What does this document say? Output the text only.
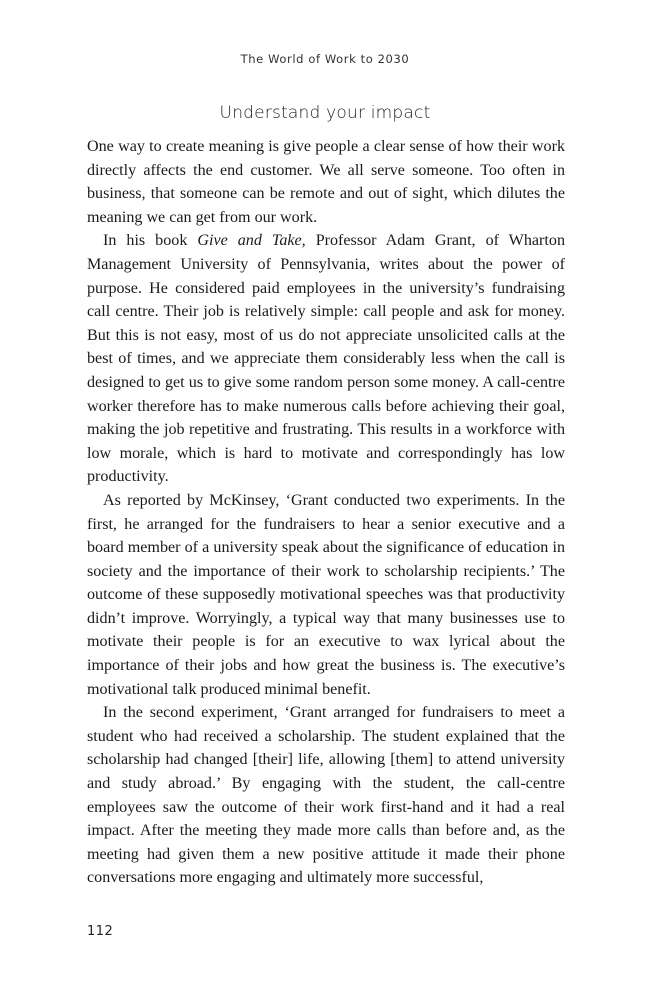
The World of Work to 2030
Understand your impact

One way to create meaning is give people a clear sense of how their work directly affects the end customer. We all serve someone. Too often in business, that someone can be remote and out of sight, which dilutes the meaning we can get from our work.

In his book Give and Take, Professor Adam Grant, of Wharton Management University of Pennsylvania, writes about the power of purpose. He considered paid employees in the university’s fundraising call centre. Their job is relatively simple: call people and ask for money. But this is not easy, most of us do not appreciate unsolicited calls at the best of times, and we appreciate them considerably less when the call is designed to get us to give some random person some money. A call-centre worker therefore has to make numerous calls before achieving their goal, making the job repetitive and frustrating. This results in a workforce with low morale, which is hard to motivate and correspondingly has low productivity.

As reported by McKinsey, ‘Grant conducted two experiments. In the first, he arranged for the fundraisers to hear a senior executive and a board member of a university speak about the significance of education in society and the importance of their work to scholarship recipients.’ The outcome of these supposedly motivational speeches was that productivity didn’t improve. Worryingly, a typical way that many businesses use to motivate their people is for an executive to wax lyrical about the importance of their jobs and how great the business is. The executive’s motivational talk produced minimal benefit.

In the second experiment, ‘Grant arranged for fundraisers to meet a student who had received a scholarship. The student explained that the scholarship had changed [their] life, allowing [them] to attend university and study abroad.’ By engaging with the student, the call-centre employees saw the outcome of their work first-hand and it had a real impact. After the meeting they made more calls than before and, as the meeting had given them a new positive attitude it made their phone conversations more engaging and ultimately more successful,

112
